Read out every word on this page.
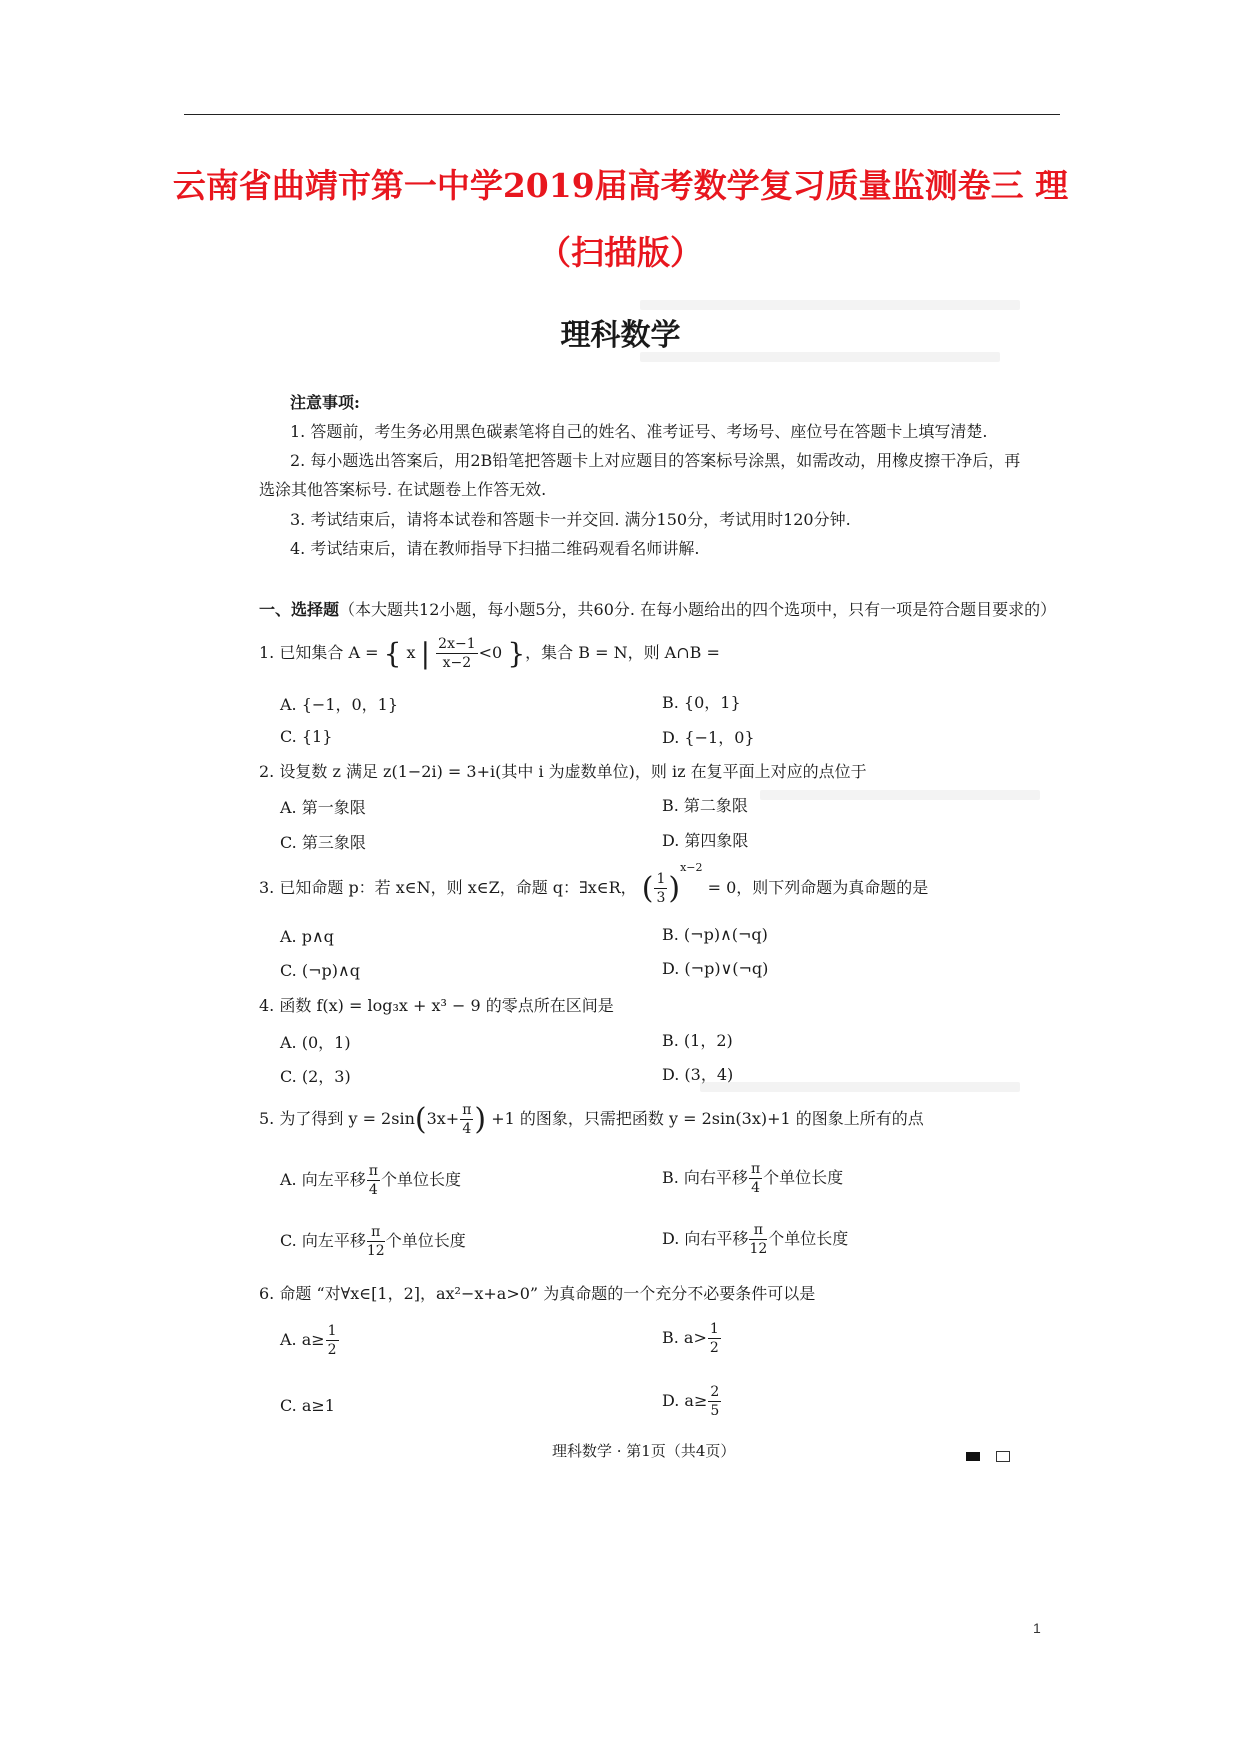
云南省曲靖市第一中学2019届高考数学复习质量监测卷三 理
（扫描版）
理科数学
注意事项:
1. 答题前，考生务必用黑色碳素笔将自己的姓名、准考证号、考场号、座位号在答题卡上填写清楚.
2. 每小题选出答案后，用2B铅笔把答题卡上对应题目的答案标号涂黑，如需改动，用橡皮擦干净后，再
选涂其他答案标号. 在试题卷上作答无效.
3. 考试结束后，请将本试卷和答题卡一并交回. 满分150分，考试用时120分钟.
4. 考试结束后，请在教师指导下扫描二维码观看名师讲解.
一、选择题（本大题共12小题，每小题5分，共60分. 在每小题给出的四个选项中，只有一项是符合题目要求的）
1. 已知集合 A = { x | $\frac{2x-1}{x-2} <0$ }，集合 B = N，则 A∩B =
A. {−1，0，1}	B. {0，1}
C. {1}	D. {−1，0}
2. 设复数 z 满足 z(1−2i) = 3+i(其中 i 为虚数单位)，则 iz 在复平面上对应的点位于
A. 第一象限	B. 第二象限
C. 第三象限	D. 第四象限
3. 已知命题 p：若 x∈N，则 x∈Z，命题 q：∃x∈R， ( $\frac{1}{3} )^{x-2} = 0$，则下列命题为真命题的是
A. p∧q	B. (¬p)∧(¬q)
C. (¬p)∧q	D. (¬p)∨(¬q)
4. 函数 f(x) = log₃x + x³ − 9 的零点所在区间是
A. (0，1)	B. (1，2)
C. (2，3)	D. (3，4)
5. 为了得到 $y = 2\sin(3x+ \frac{\pi}{4}$ ) +1 的图象，只需把函数 y = 2sin(3x)+1 的图象上所有的点
A. 向左平移 $\frac{\pi}{4}$ 个单位长度	B. 向右平移 $\frac{\pi}{4}$ 个单位长度
C. 向左平移 $\frac{\pi}{12}$ 个单位长度	D. 向右平移 $\frac{\pi}{12}$ 个单位长度
6. 命题 “对∀x∈[1，2]，ax²−x+a>0” 为真命题的一个充分不必要条件可以是
A. $a\ge \frac{1}{2}$	B. $a> \frac{1}{2}$
C. a≥1	D. $a\ge \frac{2}{5}$
理科数学 · 第1页（共4页）
1
